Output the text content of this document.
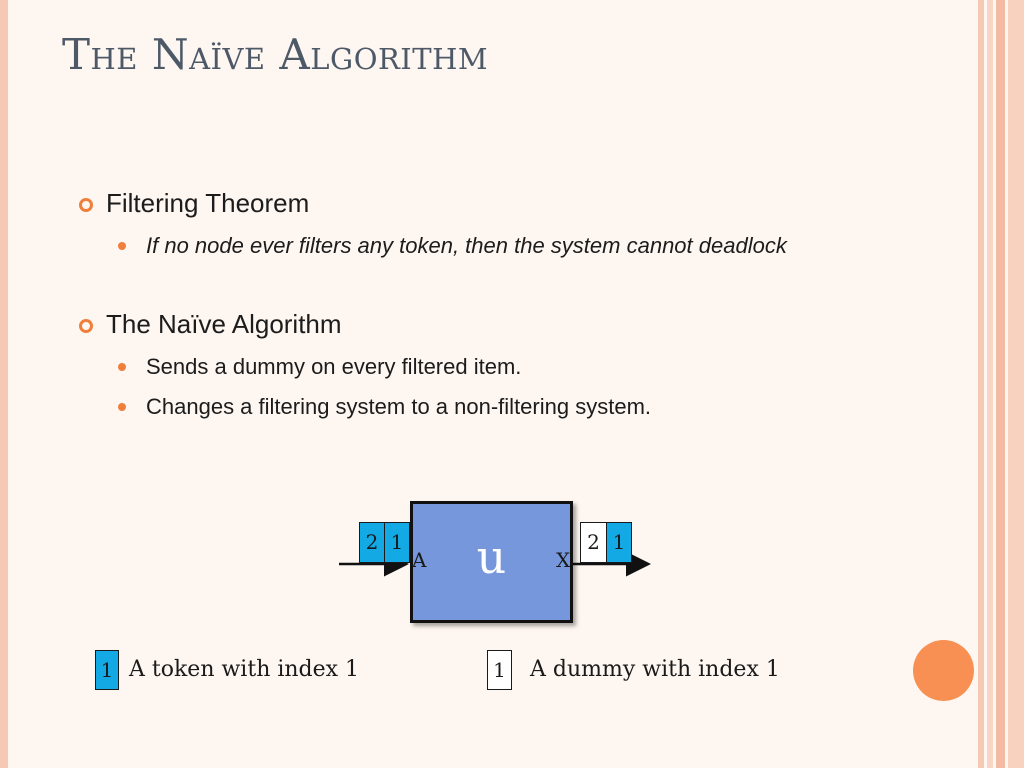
The Naïve Algorithm
Filtering Theorem
If no node ever filters any token, then the system cannot deadlock
The Naïve Algorithm
Sends a dummy on every filtered item.
Changes a filtering system to a non-filtering system.
2 1	u
A	X
2 1
1 A token with index 1	1 A dummy with index 1
